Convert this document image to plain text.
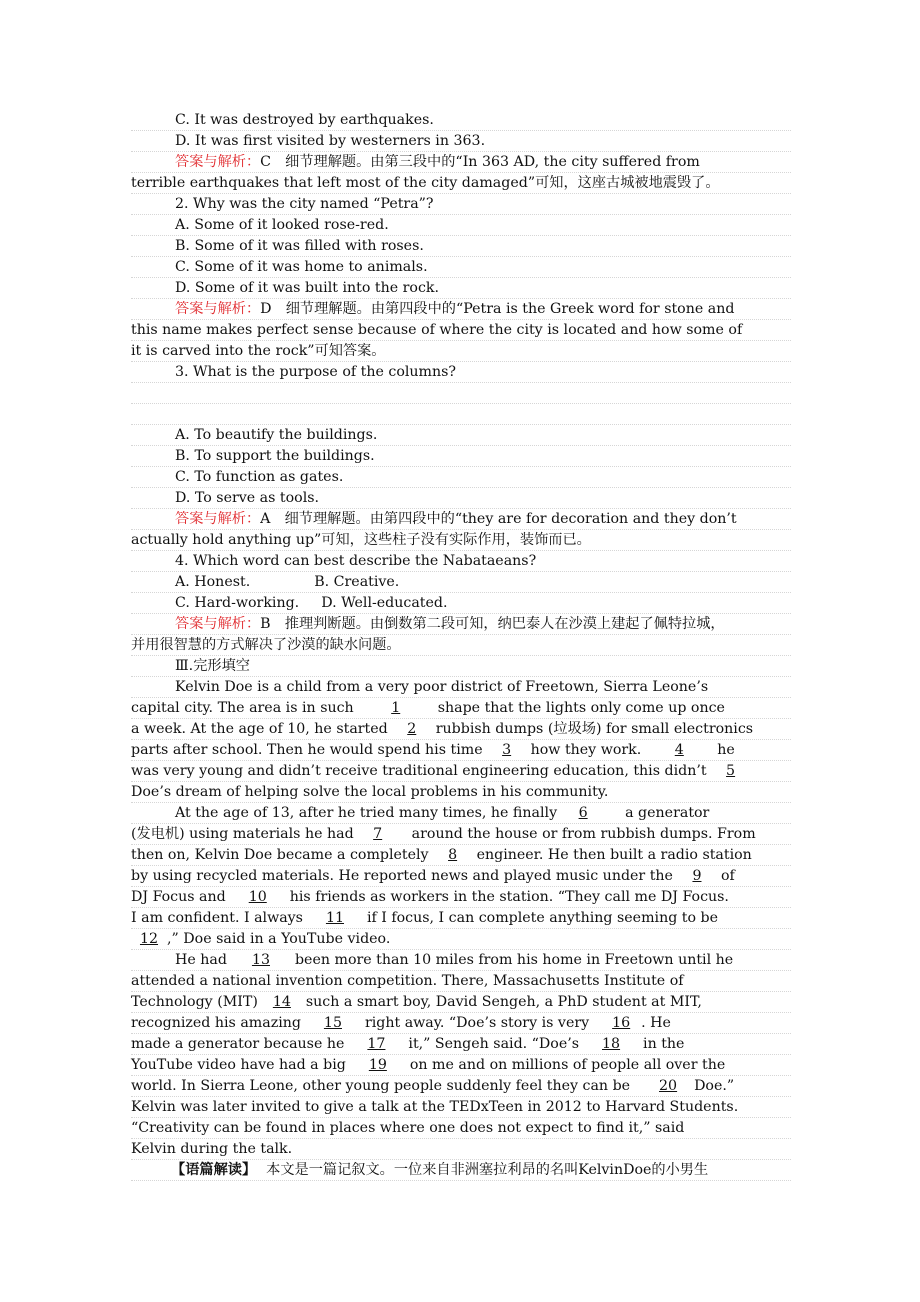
C. It was destroyed by earthquakes.
D. It was first visited by westerners in 363.
答案与解析：C　细节理解题。由第三段中的“In 363 AD, the city suffered from
terrible earthquakes that left most of the city damaged”可知，这座古城被地震毁了。
2. Why was the city named “Petra”?
A. Some of it looked rose-red.
B. Some of it was filled with roses.
C. Some of it was home to animals.
D. Some of it was built into the rock.
答案与解析：D　细节理解题。由第四段中的“Petra is the Greek word for stone and
this name makes perfect sense because of where the city is located and how some of
it is carved into the rock”可知答案。
3. What is the purpose of the columns?
A. To beautify the buildings.
B. To support the buildings.
C. To function as gates.
D. To serve as tools.
答案与解析：A　细节理解题。由第四段中的“they are for decoration and they don’t
actually hold anything up”可知，这些柱子没有实际作用，装饰而已。
4. Which word can best describe the Nabataeans?
A. Honest.	B. Creative.
C. Hard-working. D. Well-educated.
答案与解析：B　推理判断题。由倒数第二段可知，纳巴泰人在沙漠上建起了佩特拉城，
并用很智慧的方式解决了沙漠的缺水问题。
Ⅲ.完形填空
Kelvin Doe is a child from a very poor district of Freetown, Sierra Leone’s
capital city. The area is in such	1	shape that the lights only come up once
a week. At the age of 10, he started 2 rubbish dumps (垃圾场) for small electronics
parts after school. Then he would spend his time 3 how they work. 4 he
was very young and didn’t receive traditional engineering education, this didn’t 5
Doe’s dream of helping solve the local problems in his community.
At the age of 13, after he tried many times, he finally 6	a generator
(发电机) using materials he had 7 around the house or from rubbish dumps. From
then on, Kelvin Doe became a completely 8 engineer. He then built a radio station
by using recycled materials. He reported news and played music under the 9 of
DJ Focus and 10 his friends as workers in the station. “They call me DJ Focus.
I am confident. I always 11 if I focus, I can complete anything seeming to be
12 ,” Doe said in a YouTube video.
He had 13 been more than 10 miles from his home in Freetown until he
attended a national invention competition. There, Massachusetts Institute of
Technology (MIT) 14 such a smart boy, David Sengeh, a PhD student at MIT,
recognized his amazing 15 right away. “Doe’s story is very 16 . He
made a generator because he 17 it,” Sengeh said. “Doe’s 18 in the
YouTube video have had a big 19 on me and on millions of people all over the
world. In Sierra Leone, other young people suddenly feel they can be 20 Doe.”
Kelvin was later invited to give a talk at the TEDxTeen in 2012 to Harvard Students.
“Creativity can be found in places where one does not expect to find it,” said
Kelvin during the talk.
【语篇解读】 本文是一篇记叙文。一位来自非洲塞拉利昂的名叫KelvinDoe的小男生
